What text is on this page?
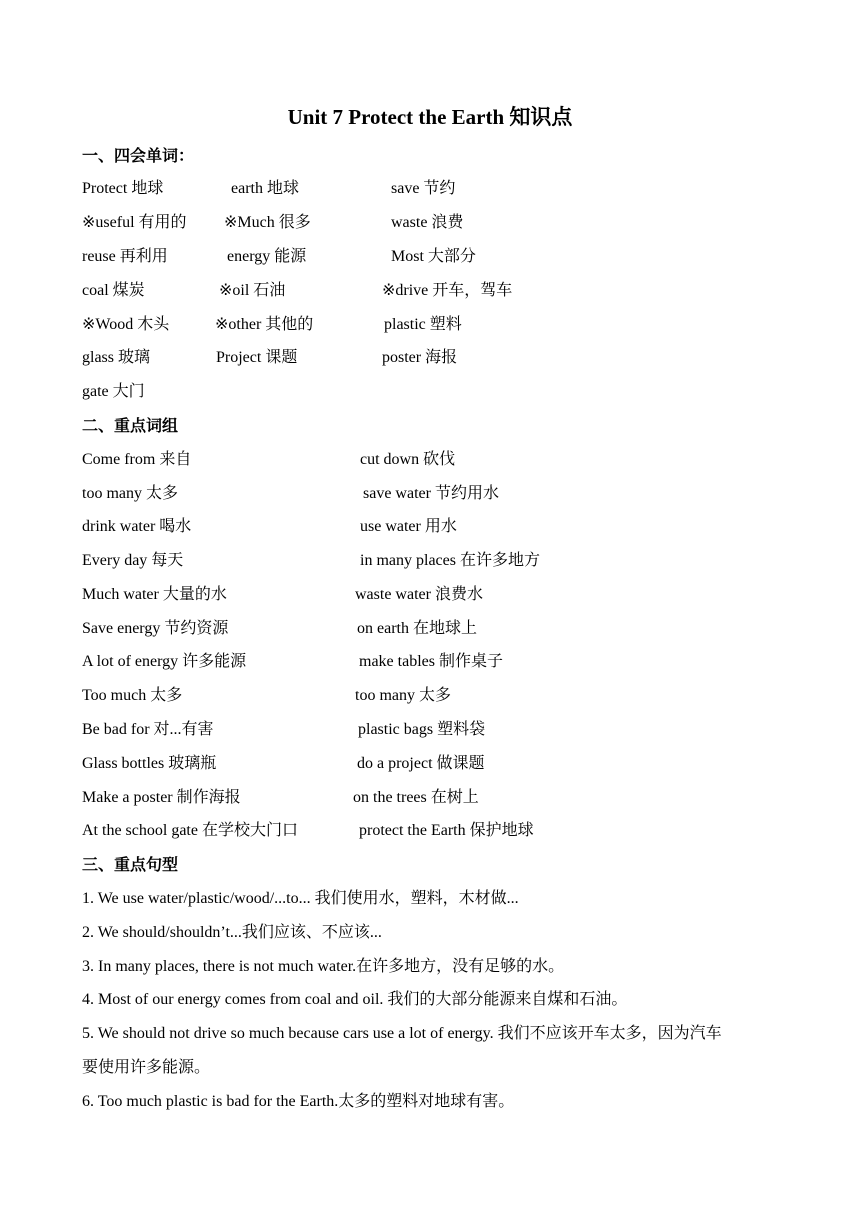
Unit 7 Protect the Earth 知识点
一、四会单词：
Protect 地球	earth 地球	save 节约
※useful 有用的 ※Much 很多	waste 浪费
reuse 再利用	energy 能源	Most 大部分
coal 煤炭	※oil 石油	※drive 开车，驾车
※Wood 木头	※other 其他的	plastic 塑料
glass 玻璃	Project 课题	poster 海报
gate 大门
二、重点词组
Come from 来自	cut down 砍伐
too many 太多	save water 节约用水
drink water 喝水	use water 用水
Every day 每天	in many places 在许多地方
Much water 大量的水	waste water 浪费水
Save energy 节约资源	on earth 在地球上
A lot of energy 许多能源	make tables 制作桌子
Too much 太多	too many 太多
Be bad for 对...有害	plastic bags 塑料袋
Glass bottles 玻璃瓶	do a project 做课题
Make a poster 制作海报	on the trees 在树上
At the school gate 在学校大门口	protect the Earth 保护地球
三、重点句型
1. We use water/plastic/wood/...to... 我们使用水，塑料，木材做...
2. We should/shouldn’t...我们应该、不应该...
3. In many places, there is not much water.在许多地方，没有足够的水。
4. Most of our energy comes from coal and oil. 我们的大部分能源来自煤和石油。
5. We should not drive so much because cars use a lot of energy. 我们不应该开车太多，因为汽车
要使用许多能源。
6. Too much plastic is bad for the Earth.太多的塑料对地球有害。
